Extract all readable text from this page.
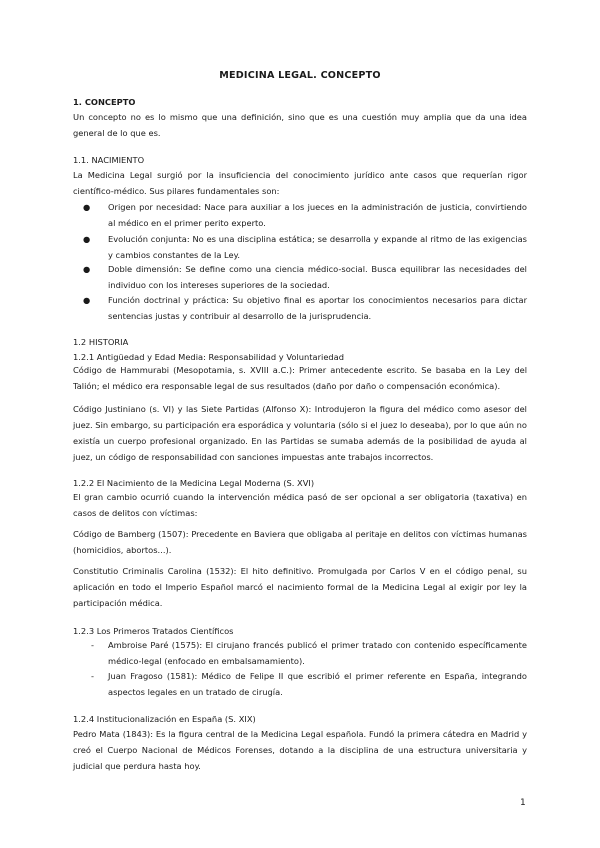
MEDICINA LEGAL. CONCEPTO
1. CONCEPTO
Un concepto no es lo mismo que una definición, sino que es una cuestión muy amplia que da una idea general de lo que es.
1.1. NACIMIENTO
La Medicina Legal surgió por la insuficiencia del conocimiento jurídico ante casos que requerían rigor científico-médico. Sus pilares fundamentales son:
●	Origen por necesidad: Nace para auxiliar a los jueces en la administración de justicia, convirtiendo al médico en el primer perito experto.
●	Evolución conjunta: No es una disciplina estática; se desarrolla y expande al ritmo de las exigencias y cambios constantes de la Ley.
●	Doble dimensión: Se define como una ciencia médico-social. Busca equilibrar las necesidades del individuo con los intereses superiores de la sociedad.
●	Función doctrinal y práctica: Su objetivo final es aportar los conocimientos necesarios para dictar sentencias justas y contribuir al desarrollo de la jurisprudencia.
1.2 HISTORIA
1.2.1 Antigüedad y Edad Media: Responsabilidad y Voluntariedad
Código de Hammurabi (Mesopotamia, s. XVIII a.C.): Primer antecedente escrito. Se basaba en la Ley del Talión; el médico era responsable legal de sus resultados (daño por daño o compensación económica).
Código Justiniano (s. VI) y las Siete Partidas (Alfonso X): Introdujeron la figura del médico como asesor del juez. Sin embargo, su participación era esporádica y voluntaria (sólo si el juez lo deseaba), por lo que aún no existía un cuerpo profesional organizado. En las Partidas se sumaba además de la posibilidad de ayuda al juez, un código de responsabilidad con sanciones impuestas ante trabajos incorrectos.
1.2.2 El Nacimiento de la Medicina Legal Moderna (S. XVI)
El gran cambio ocurrió cuando la intervención médica pasó de ser opcional a ser obligatoria (taxativa) en casos de delitos con víctimas:
Código de Bamberg (1507): Precedente en Baviera que obligaba al peritaje en delitos con víctimas humanas (homicidios, abortos...).
Constitutio Criminalis Carolina (1532): El hito definitivo. Promulgada por Carlos V en el código penal, su aplicación en todo el Imperio Español marcó el nacimiento formal de la Medicina Legal al exigir por ley la participación médica.
1.2.3 Los Primeros Tratados Científicos
-	Ambroise Paré (1575): El cirujano francés publicó el primer tratado con contenido específicamente médico-legal (enfocado en embalsamamiento).
-	Juan Fragoso (1581): Médico de Felipe II que escribió el primer referente en España, integrando aspectos legales en un tratado de cirugía.
1.2.4 Institucionalización en España (S. XIX)
Pedro Mata (1843): Es la figura central de la Medicina Legal española. Fundó la primera cátedra en Madrid y creó el Cuerpo Nacional de Médicos Forenses, dotando a la disciplina de una estructura universitaria y judicial que perdura hasta hoy.
1
